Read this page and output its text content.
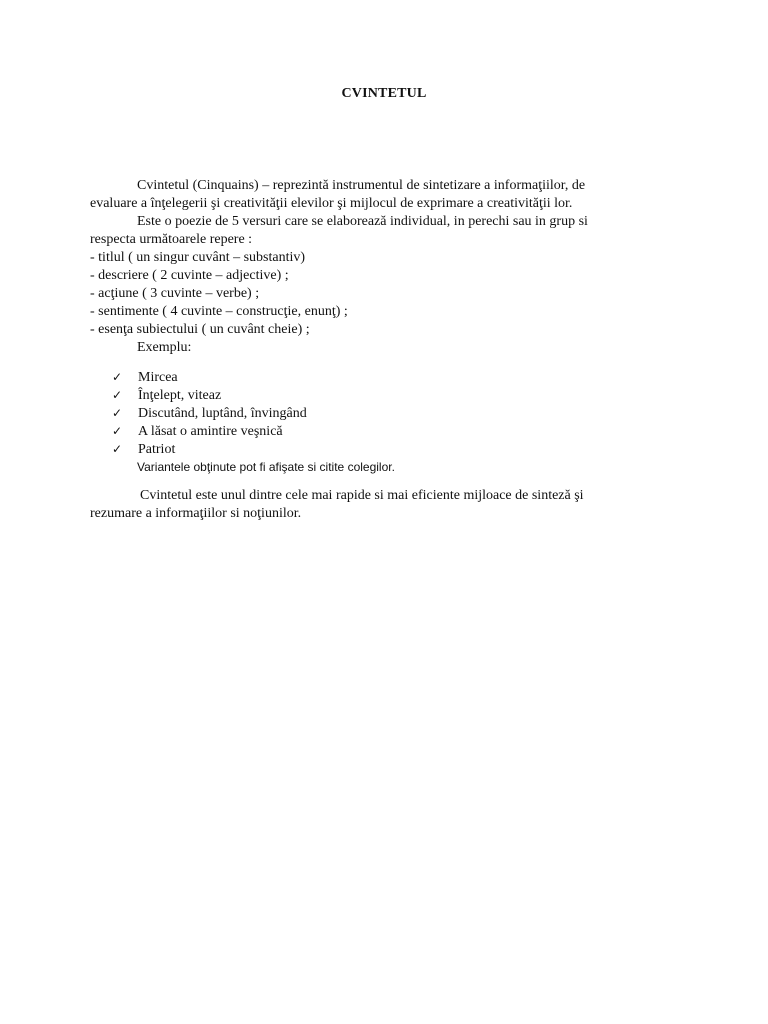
CVINTETUL
Cvintetul (Cinquains) – reprezintă instrumentul de sintetizare a informaţiilor, de
evaluare a înţelegerii şi creativităţii elevilor şi mijlocul de exprimare a creativităţii lor.
Este o poezie de 5 versuri care se elaborează individual, in perechi sau in grup si
respecta următoarele repere :
- titlul ( un singur cuvânt – substantiv)
- descriere ( 2 cuvinte – adjective) ;
- acţiune ( 3 cuvinte – verbe) ;
- sentimente ( 4 cuvinte – construcţie, enunţ) ;
- esenţa subiectului ( un cuvânt cheie) ;
Exemplu:
✓ Mircea
✓ Înţelept, viteaz
✓ Discutând, luptând, învingând
✓ A lăsat o amintire veşnică
✓ Patriot
Variantele obţinute pot fi afişate si citite colegilor.
Cvintetul este unul dintre cele mai rapide si mai eficiente mijloace de sinteză şi
rezumare a informaţiilor si noţiunilor.
